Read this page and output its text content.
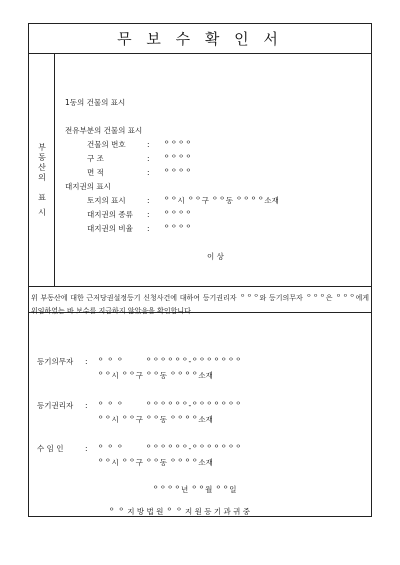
무 보 수 확 인 서
부
동
산
의
표
시
1동의 건물의 표시
전유부분의 건물의 표시
건물의 번호	: ᄋᄋᄋᄋ
구 조	: ᄋᄋᄋᄋ
면 적	: ᄋᄋᄋᄋ
대지권의 표시
토지의 표시	: ᄋᄋ시 ᄋᄋ구 ᄋᄋ동 ᄋᄋᄋᄋ소재
대지권의 종류 : ᄋᄋᄋᄋ
대지권의 비율 : ᄋᄋᄋᄋ
이 상
위 부동산에 대한 근저당권설정등기 신청사건에 대하여 등기권리자 ᄋᄋᄋ와 등기의무자 ᄋᄋᄋ은 ᄋᄋᄋ에게 위임하였는 바 보수를 지급하지 않았음을 확인합니다.
등기의무자 : ᄋ ᄋ ᄋ	ᄋᄋᄋᄋᄋᄋ-ᄋᄋᄋᄋᄋᄋᄋ
ᄋᄋ시 ᄋᄋ구 ᄋᄋ동 ᄋᄋᄋᄋ소재
등기권리자 : ᄋ ᄋ ᄋ	ᄋᄋᄋᄋᄋᄋ-ᄋᄋᄋᄋᄋᄋᄋ
ᄋᄋ시 ᄋᄋ구 ᄋᄋ동 ᄋᄋᄋᄋ소재
수 임 인	: ᄋ ᄋ ᄋ	ᄋᄋᄋᄋᄋᄋ-ᄋᄋᄋᄋᄋᄋᄋ
ᄋᄋ시 ᄋᄋ구 ᄋᄋ동 ᄋᄋᄋᄋ소재
ᄋᄋᄋᄋ년 ᄋᄋ월 ᄋᄋ일
ᄋ ᄋ 지 방 법 원 ᄋ ᄋ 지 원 등 기 과 귀 중
